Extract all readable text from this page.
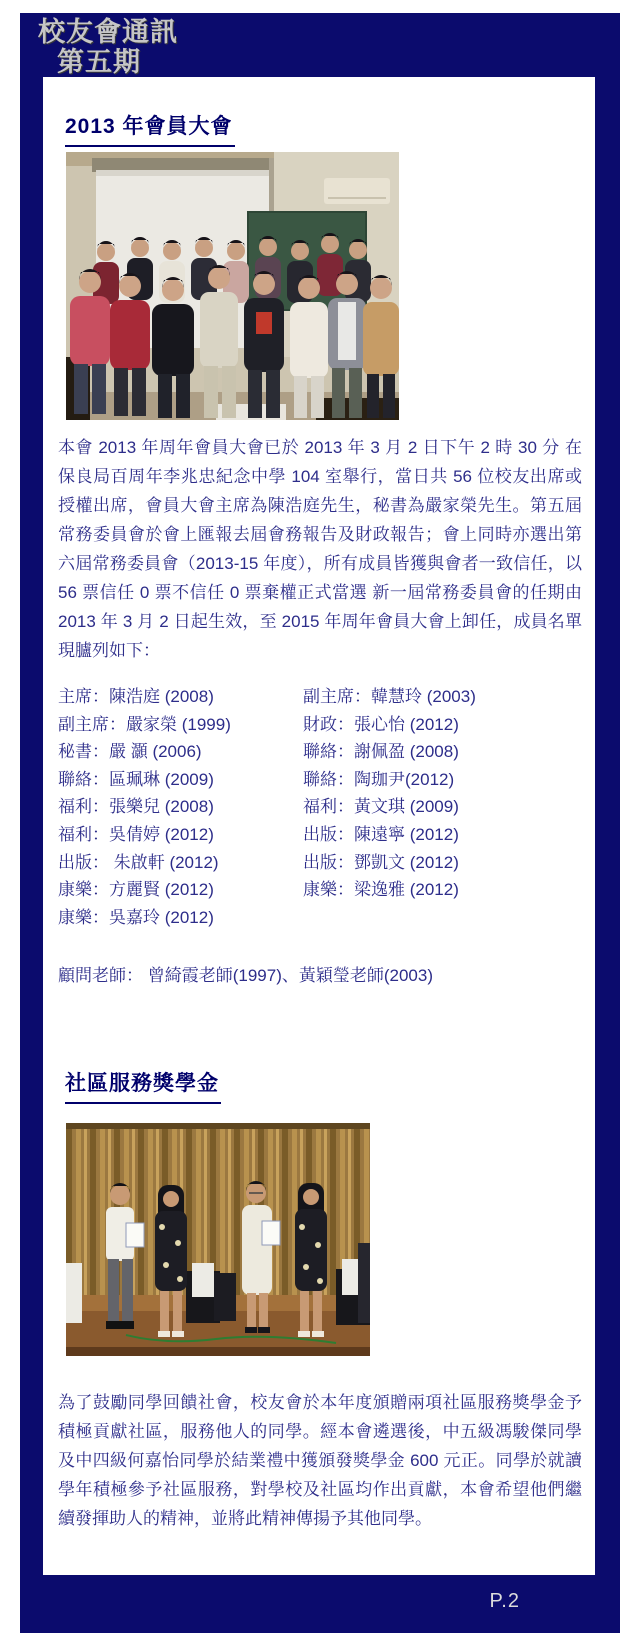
校友會通訊
第五期
2013 年會員大會
本會 2013 年周年會員大會已於 2013 年 3 月 2 日下午 2 時 30 分 在保良局百周年李兆忠紀念中學 104 室舉行，當日共 56 位校友出席或授權出席，會員大會主席為陳浩庭先生，秘書為嚴家榮先生。第五屆常務委員會於會上匯報去屆會務報告及財政報告；會上同時亦選出第六屆常務委員會（2013-15 年度），所有成員皆獲與會者一致信任，以 56 票信任 0 票不信任 0 票棄權正式當選 新一屆常務委員會的任期由 2013 年 3 月 2 日起生效，至 2015 年周年會員大會上卸任，成員名單現臚列如下：
主席：陳浩庭 (2008)	副主席：韓慧玲 (2003)
副主席：嚴家榮 (1999)	財政：張心怡 (2012)
秘書：嚴 灝 (2006)	聯絡：謝佩盈 (2008)
聯絡：區珮琳 (2009)	聯絡：陶珈尹(2012)
福利：張樂兒 (2008)	福利：黃文琪 (2009)
福利：吳倩婷 (2012)	出版：陳遠寧 (2012)
出版： 朱啟軒 (2012)	出版：鄧凱文 (2012)
康樂：方麗賢 (2012)	康樂：梁逸雅 (2012)
康樂：吳嘉玲 (2012)
顧問老師： 曾綺霞老師(1997)、黃穎瑩老師(2003)
社區服務獎學金
為了鼓勵同學回饋社會，校友會於本年度頒贈兩項社區服務獎學金予積極貢獻社區，服務他人的同學。經本會遴選後，中五級馮駿傑同學及中四級何嘉怡同學於結業禮中獲頒發獎學金 600 元正。同學於就讀學年積極參予社區服務，對學校及社區均作出貢獻，本會希望他們繼續發揮助人的精神，並將此精神傳揚予其他同學。
P.2
